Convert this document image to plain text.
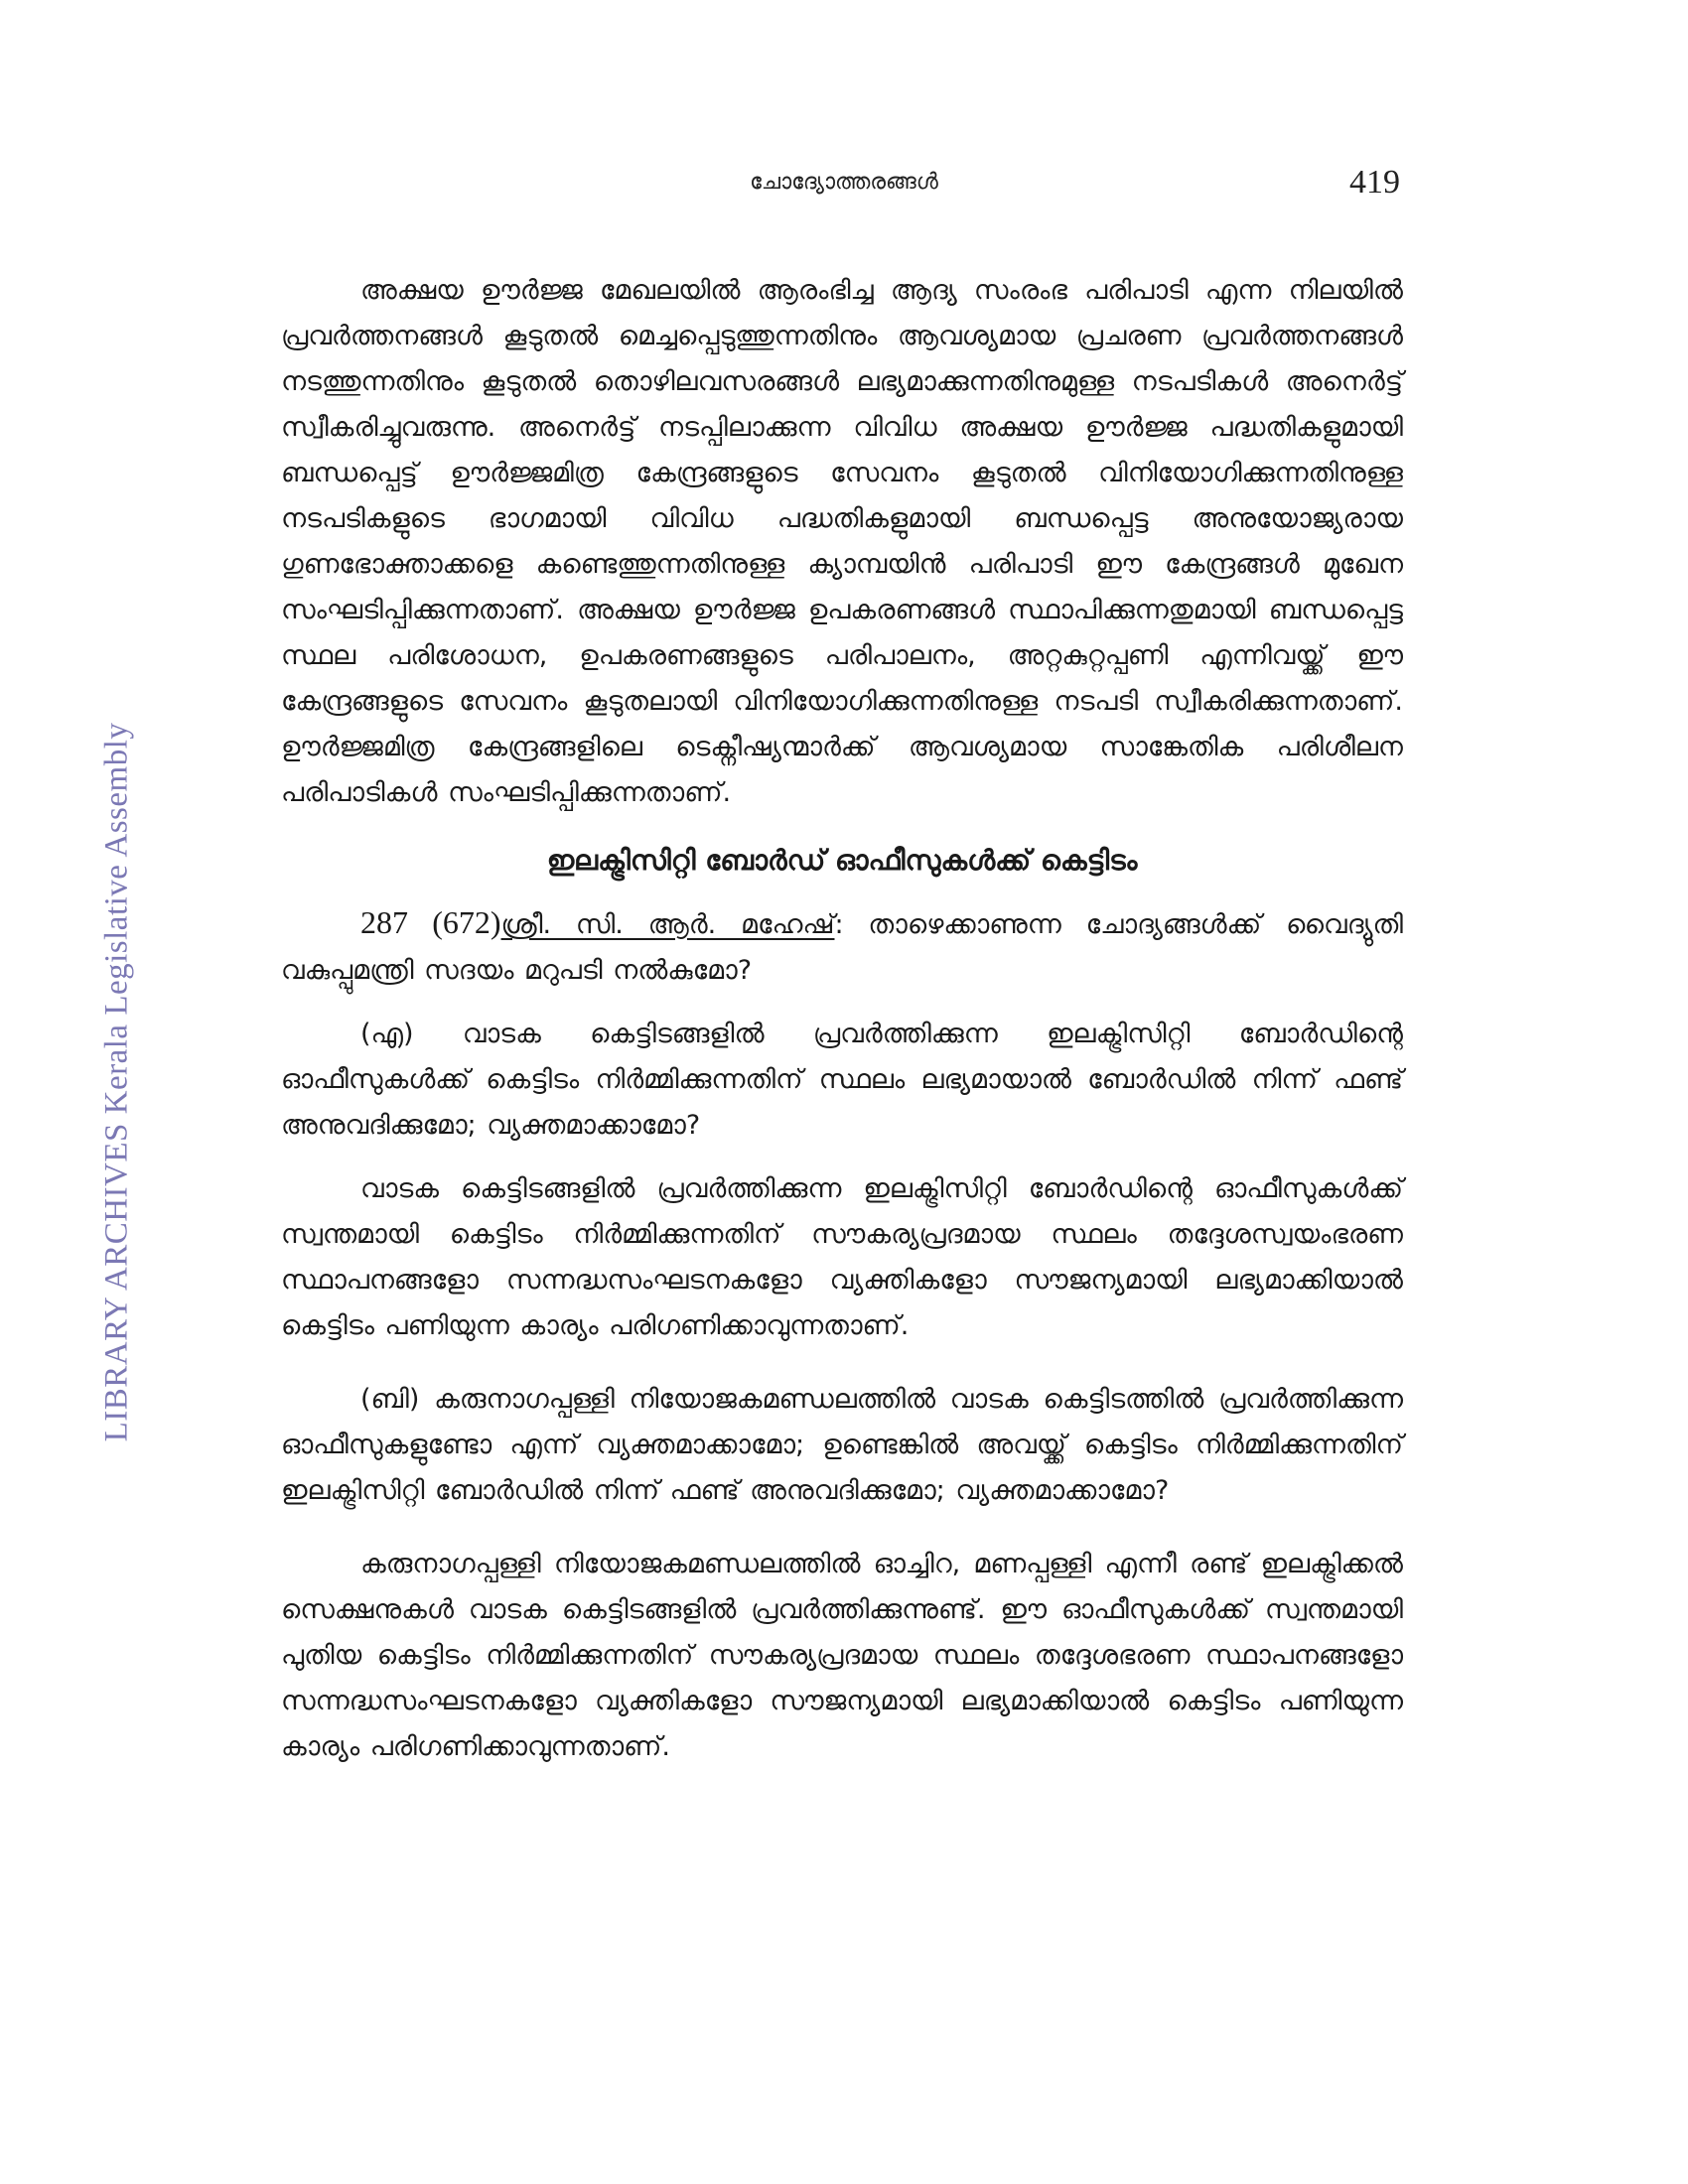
LIBRARY ARCHIVES Kerala Legislative Assembly
ചോദ്യോത്തരങ്ങൾ	419

അക്ഷയ ഊർജ്ജ മേഖലയിൽ ആരംഭിച്ച ആദ്യ സംരംഭ പരിപാടി എന്ന നിലയിൽ പ്രവർത്തനങ്ങൾ കൂടുതൽ മെച്ചപ്പെടുത്തുന്നതിനും ആവശ്യമായ പ്രചരണ പ്രവർത്തനങ്ങൾ നടത്തുന്നതിനും കൂടുതൽ തൊഴിലവസരങ്ങൾ ലഭ്യമാക്കുന്നതിനുമുള്ള നടപടികൾ അനെർട്ട് സ്വീകരിച്ചുവരുന്നു. അനെർട്ട് നടപ്പിലാക്കുന്ന വിവിധ അക്ഷയ ഊർജ്ജ പദ്ധതികളുമായി ബന്ധപ്പെട്ട് ഊർജ്ജമിത്ര കേന്ദ്രങ്ങളുടെ സേവനം കൂടുതൽ വിനിയോഗിക്കുന്നതിനുള്ള നടപടികളുടെ ഭാഗമായി വിവിധ പദ്ധതികളുമായി ബന്ധപ്പെട്ട അനുയോജ്യരായ ഗുണഭോക്താക്കളെ കണ്ടെത്തുന്നതിനുള്ള ക്യാമ്പയിൻ പരിപാടി ഈ കേന്ദ്രങ്ങൾ മുഖേന സംഘടിപ്പിക്കുന്നതാണ്. അക്ഷയ ഊർജ്ജ ഉപകരണങ്ങൾ സ്ഥാപിക്കുന്നതുമായി ബന്ധപ്പെട്ട സ്ഥല പരിശോധന, ഉപകരണങ്ങളുടെ പരിപാലനം, അറ്റകുറ്റപ്പണി എന്നിവയ്ക്ക് ഈ കേന്ദ്രങ്ങളുടെ സേവനം കൂടുതലായി വിനിയോഗിക്കുന്നതിനുള്ള നടപടി സ്വീകരിക്കുന്നതാണ്. ഊർജ്ജമിത്ര കേന്ദ്രങ്ങളിലെ ടെക്നീഷ്യന്മാർക്ക് ആവശ്യമായ സാങ്കേതിക പരിശീലന പരിപാടികൾ സംഘടിപ്പിക്കുന്നതാണ്.

ഇലക്ട്രിസിറ്റി ബോർഡ് ഓഫീസുകൾക്ക് കെട്ടിടം

287 (672)ശ്രീ. സി. ആർ. മഹേഷ്: താഴെക്കാണുന്ന ചോദ്യങ്ങൾക്ക് വൈദ്യുതി വകുപ്പുമന്ത്രി സദയം മറുപടി നൽകുമോ?

(എ) വാടക കെട്ടിടങ്ങളിൽ പ്രവർത്തിക്കുന്ന ഇലക്ട്രിസിറ്റി ബോർഡിന്റെ ഓഫീസുകൾക്ക് കെട്ടിടം നിർമ്മിക്കുന്നതിന് സ്ഥലം ലഭ്യമായാൽ ബോർഡിൽ നിന്ന് ഫണ്ട് അനുവദിക്കുമോ; വ്യക്തമാക്കാമോ?

വാടക കെട്ടിടങ്ങളിൽ പ്രവർത്തിക്കുന്ന ഇലക്ട്രിസിറ്റി ബോർഡിന്റെ ഓഫീസുകൾക്ക് സ്വന്തമായി കെട്ടിടം നിർമ്മിക്കുന്നതിന് സൗകര്യപ്രദമായ സ്ഥലം തദ്ദേശസ്വയംഭരണ സ്ഥാപനങ്ങളോ സന്നദ്ധസംഘടനകളോ വ്യക്തികളോ സൗജന്യമായി ലഭ്യമാക്കിയാൽ കെട്ടിടം പണിയുന്ന കാര്യം പരിഗണിക്കാവുന്നതാണ്.

(ബി) കരുനാഗപ്പള്ളി നിയോജകമണ്ഡലത്തിൽ വാടക കെട്ടിടത്തിൽ പ്രവർത്തിക്കുന്ന ഓഫീസുകളുണ്ടോ എന്ന് വ്യക്തമാക്കാമോ; ഉണ്ടെങ്കിൽ അവയ്ക്ക് കെട്ടിടം നിർമ്മിക്കുന്നതിന് ഇലക്ട്രിസിറ്റി ബോർഡിൽ നിന്ന് ഫണ്ട് അനുവദിക്കുമോ; വ്യക്തമാക്കാമോ?

കരുനാഗപ്പള്ളി നിയോജകമണ്ഡലത്തിൽ ഓച്ചിറ, മണപ്പള്ളി എന്നീ രണ്ട് ഇലക്ട്രിക്കൽ സെക്ഷനുകൾ വാടക കെട്ടിടങ്ങളിൽ പ്രവർത്തിക്കുന്നുണ്ട്. ഈ ഓഫീസുകൾക്ക് സ്വന്തമായി പുതിയ കെട്ടിടം നിർമ്മിക്കുന്നതിന് സൗകര്യപ്രദമായ സ്ഥലം തദ്ദേശഭരണ സ്ഥാപനങ്ങളോ സന്നദ്ധസംഘടനകളോ വ്യക്തികളോ സൗജന്യമായി ലഭ്യമാക്കിയാൽ കെട്ടിടം പണിയുന്ന കാര്യം പരിഗണിക്കാവുന്നതാണ്.
